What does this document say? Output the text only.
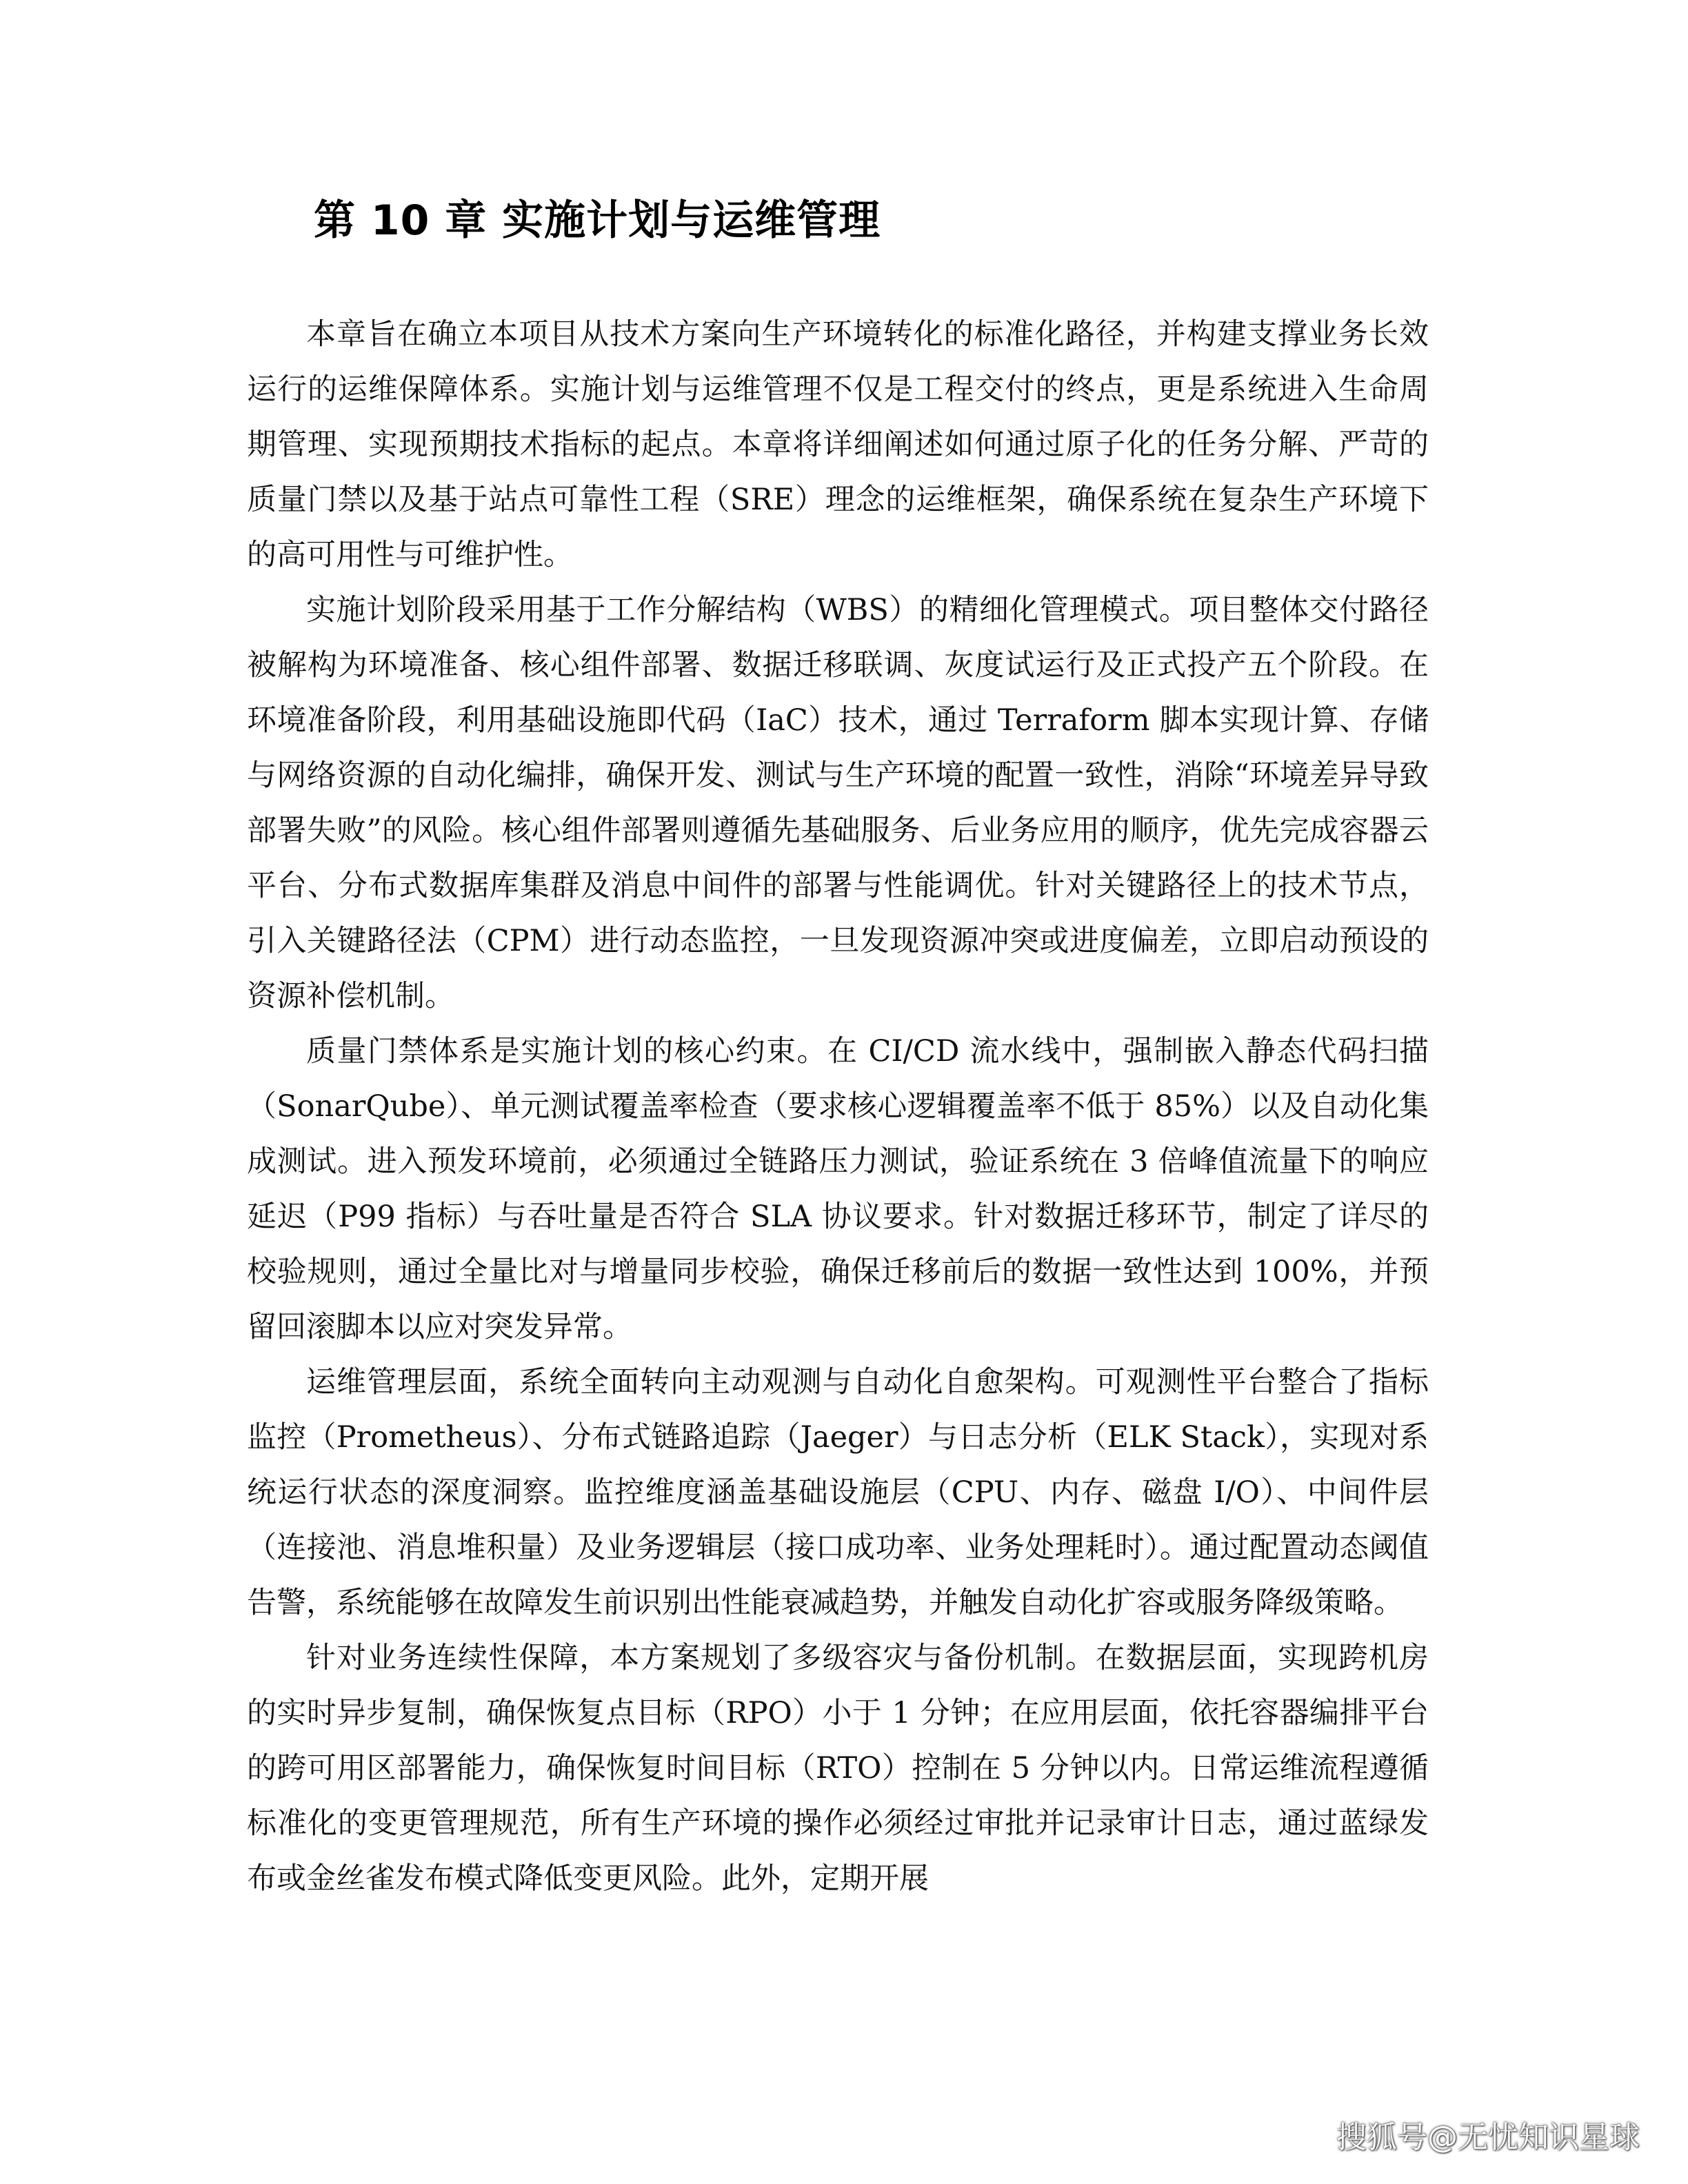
第 10 章 实施计划与运维管理

本章旨在确立本项目从技术方案向生产环境转化的标准化路径，并构建支撑业务长效运行的运维保障体系。实施计划与运维管理不仅是工程交付的终点，更是系统进入生命周期管理、实现预期技术指标的起点。本章将详细阐述如何通过原子化的任务分解、严苛的质量门禁以及基于站点可靠性工程（SRE）理念的运维框架，确保系统在复杂生产环境下的高可用性与可维护性。

实施计划阶段采用基于工作分解结构（WBS）的精细化管理模式。项目整体交付路径被解构为环境准备、核心组件部署、数据迁移联调、灰度试运行及正式投产五个阶段。在环境准备阶段，利用基础设施即代码（IaC）技术，通过 Terraform 脚本实现计算、存储与网络资源的自动化编排，确保开发、测试与生产环境的配置一致性，消除“环境差异导致部署失败”的风险。核心组件部署则遵循先基础服务、后业务应用的顺序，优先完成容器云平台、分布式数据库集群及消息中间件的部署与性能调优。针对关键路径上的技术节点，引入关键路径法（CPM）进行动态监控，一旦发现资源冲突或进度偏差，立即启动预设的资源补偿机制。

质量门禁体系是实施计划的核心约束。在 CI/CD 流水线中，强制嵌入静态代码扫描（SonarQube）、单元测试覆盖率检查（要求核心逻辑覆盖率不低于 85%）以及自动化集成测试。进入预发环境前，必须通过全链路压力测试，验证系统在 3 倍峰值流量下的响应延迟（P99 指标）与吞吐量是否符合 SLA 协议要求。针对数据迁移环节，制定了详尽的校验规则，通过全量比对与增量同步校验，确保迁移前后的数据一致性达到 100%，并预留回滚脚本以应对突发异常。

运维管理层面，系统全面转向主动观测与自动化自愈架构。可观测性平台整合了指标监控（Prometheus）、分布式链路追踪（Jaeger）与日志分析（ELK Stack），实现对系统运行状态的深度洞察。监控维度涵盖基础设施层（CPU、内存、磁盘 I/O）、中间件层（连接池、消息堆积量）及业务逻辑层（接口成功率、业务处理耗时）。通过配置动态阈值告警，系统能够在故障发生前识别出性能衰减趋势，并触发自动化扩容或服务降级策略。

针对业务连续性保障，本方案规划了多级容灾与备份机制。在数据层面，实现跨机房的实时异步复制，确保恢复点目标（RPO）小于 1 分钟；在应用层面，依托容器编排平台的跨可用区部署能力，确保恢复时间目标（RTO）控制在 5 分钟以内。日常运维流程遵循标准化的变更管理规范，所有生产环境的操作必须经过审批并记录审计日志，通过蓝绿发布或金丝雀发布模式降低变更风险。此外，定期开展

搜狐号@无忧知识星球
